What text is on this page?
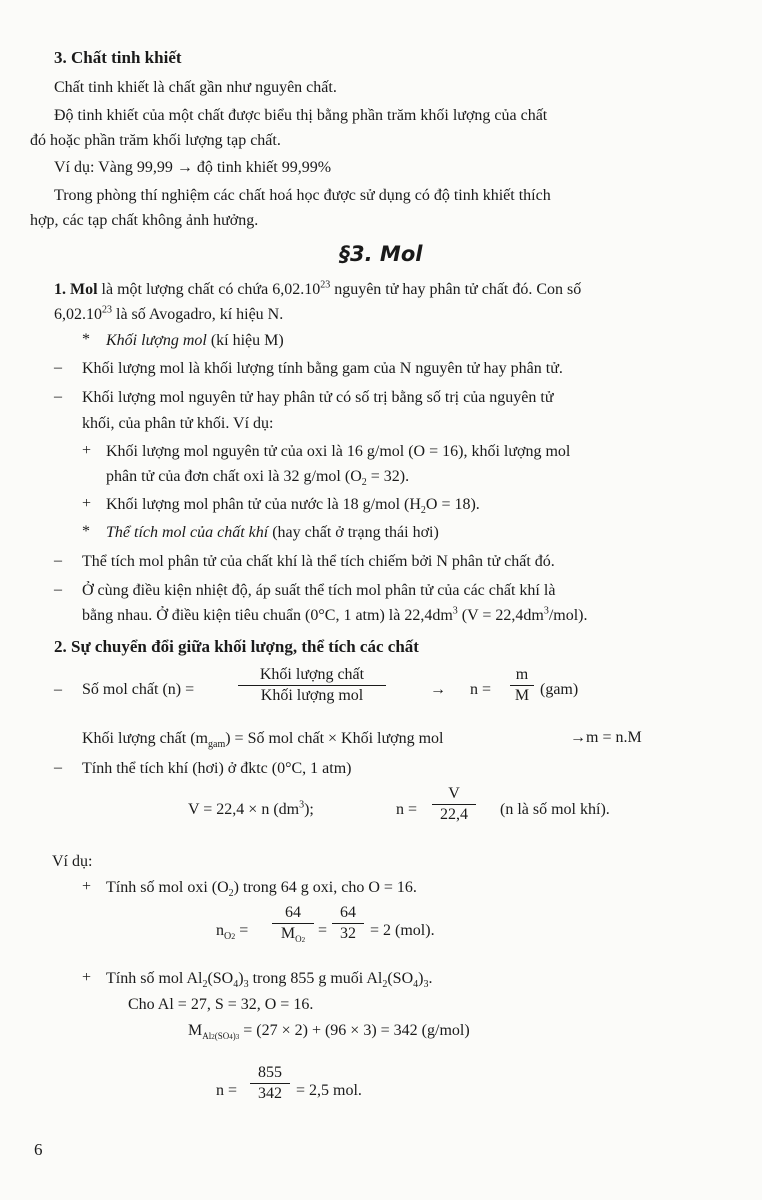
3. Chất tinh khiết
Chất tinh khiết là chất gần như nguyên chất.
Độ tinh khiết của một chất được biểu thị bằng phần trăm khối lượng của chất
đó hoặc phần trăm khối lượng tạp chất.
Ví dụ: Vàng 99,99 → độ tinh khiết 99,99%
Trong phòng thí nghiệm các chất hoá học được sử dụng có độ tinh khiết thích
hợp, các tạp chất không ảnh hưởng.
§3. Mol
1. Mol là một lượng chất có chứa 6,02.10$^{23}$ nguyên tử hay phân tử chất đó. Con số
6,02.10$^{23}$ là số Avogadro, kí hiệu N.
* Khối lượng mol (kí hiệu M)
– Khối lượng mol là khối lượng tính bằng gam của N nguyên tử hay phân tử.
– Khối lượng mol nguyên tử hay phân tử có số trị bằng số trị của nguyên tử
khối, của phân tử khối. Ví dụ:
+ Khối lượng mol nguyên tử của oxi là 16 g/mol (O = 16), khối lượng mol
phân tử của đơn chất oxi là 32 g/mol $(O_2 = 32)$.
+ Khối lượng mol phân tử của nước là 18 g/mol $(H_2O = 18)$.
* Thể tích mol của chất khí (hay chất ở trạng thái hơi)
– Thể tích mol phân tử của chất khí là thể tích chiếm bởi N phân tử chất đó.
– Ở cùng điều kiện nhiệt độ, áp suất thể tích mol phân tử của các chất khí là
bằng nhau. Ở điều kiện tiêu chuẩn (0°C, 1 atm) là $22,4dm^3$ $(V = 22,4dm^3/mol)$.
2. Sự chuyển đổi giữa khối lượng, thể tích các chất
– Số mol chất (n) =
Khối lượng chất
Khối lượng mol	→ $n = \frac{m}{M} (gam)$
Khối lượng chất $(m_{gam})$ = Số mol chất × Khối lượng mol	→m = n.M
– Tính thể tích khí (hơi) ở đktc (0°C, 1 atm)
V = 22,4 × n $(dm^3)$;	$n = \frac{V}{22,4} (n$ là số mol khí).
Ví dụ:
+ Tính số mol oxi $(O_2)$ trong 64 g oxi, cho O = 16.
$n_{O2} = \frac{64}{M_{O2}} = \frac{64}{32} = 2$ (mol).
+ Tính số mol $Al_2(SO_4)_3$ trong 855 g muối $Al_2(SO_4)_3$.
Cho Al = 27, S = 32, O = 16.
$M_{Al2(SO4)3} = (27 \times 2) + (96 \times 3) = 342$ (g/mol)
$n = \frac{855}{342} = 2,5$ mol.
6
